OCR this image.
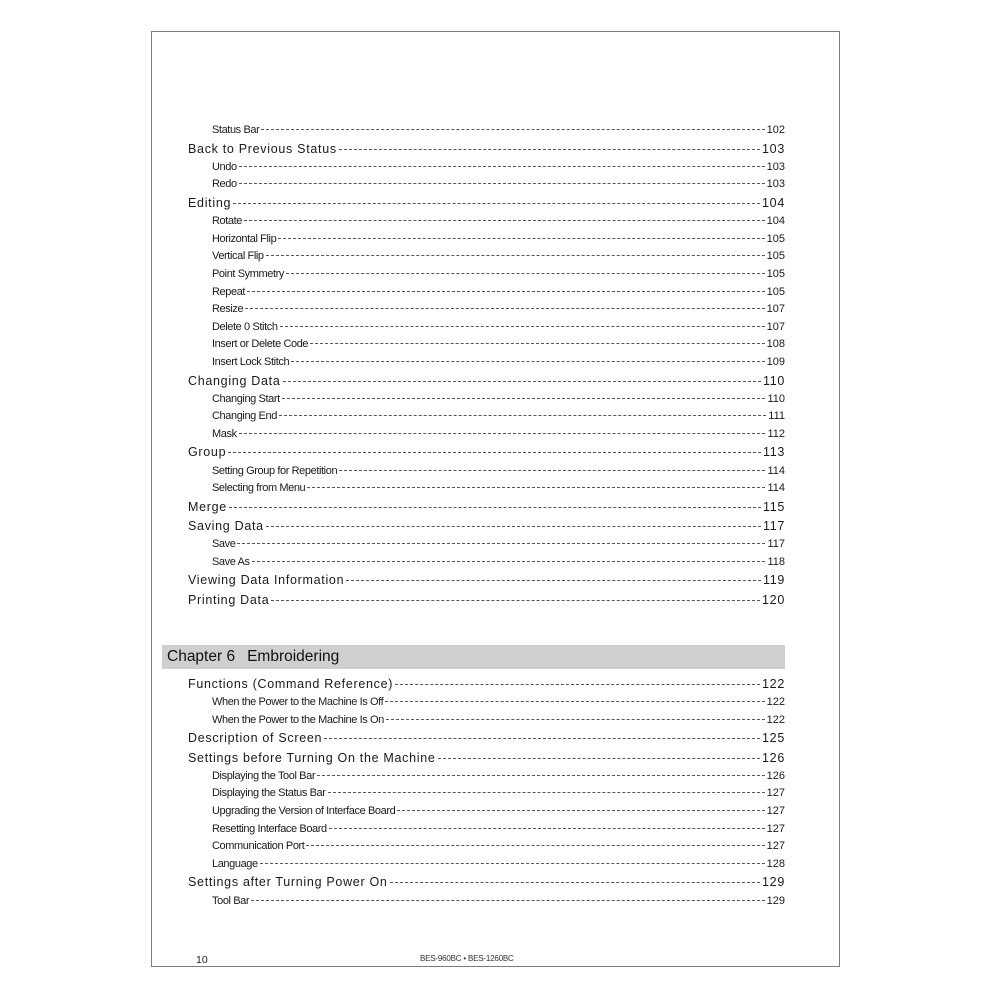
Status Bar	102
Back to Previous Status	103
Undo	103
Redo	103
Editing	104
Rotate	104
Horizontal Flip	105
Vertical Flip	105
Point Symmetry	105
Repeat	105
Resize	107
Delete 0 Stitch	107
Insert or Delete Code	108
Insert Lock Stitch	109
Changing Data	110
Changing Start	110
Changing End	111
Mask	112
Group	113
Setting Group for Repetition	114
Selecting from Menu	114
Merge	115
Saving Data	117
Save	117
Save As	118
Viewing Data Information	119
Printing Data	120
Chapter 6 Embroidering
Functions (Command Reference)	122
When the Power to the Machine Is Off	122
When the Power to the Machine Is On	122
Description of Screen	125
Settings before Turning On the Machine	126
Displaying the Tool Bar	126
Displaying the Status Bar	127
Upgrading the Version of Interface Board	127
Resetting Interface Board	127
Communication Port	127
Language	128
Settings after Turning Power On	129
Tool Bar	129
10	BES-960BC • BES-1260BC
